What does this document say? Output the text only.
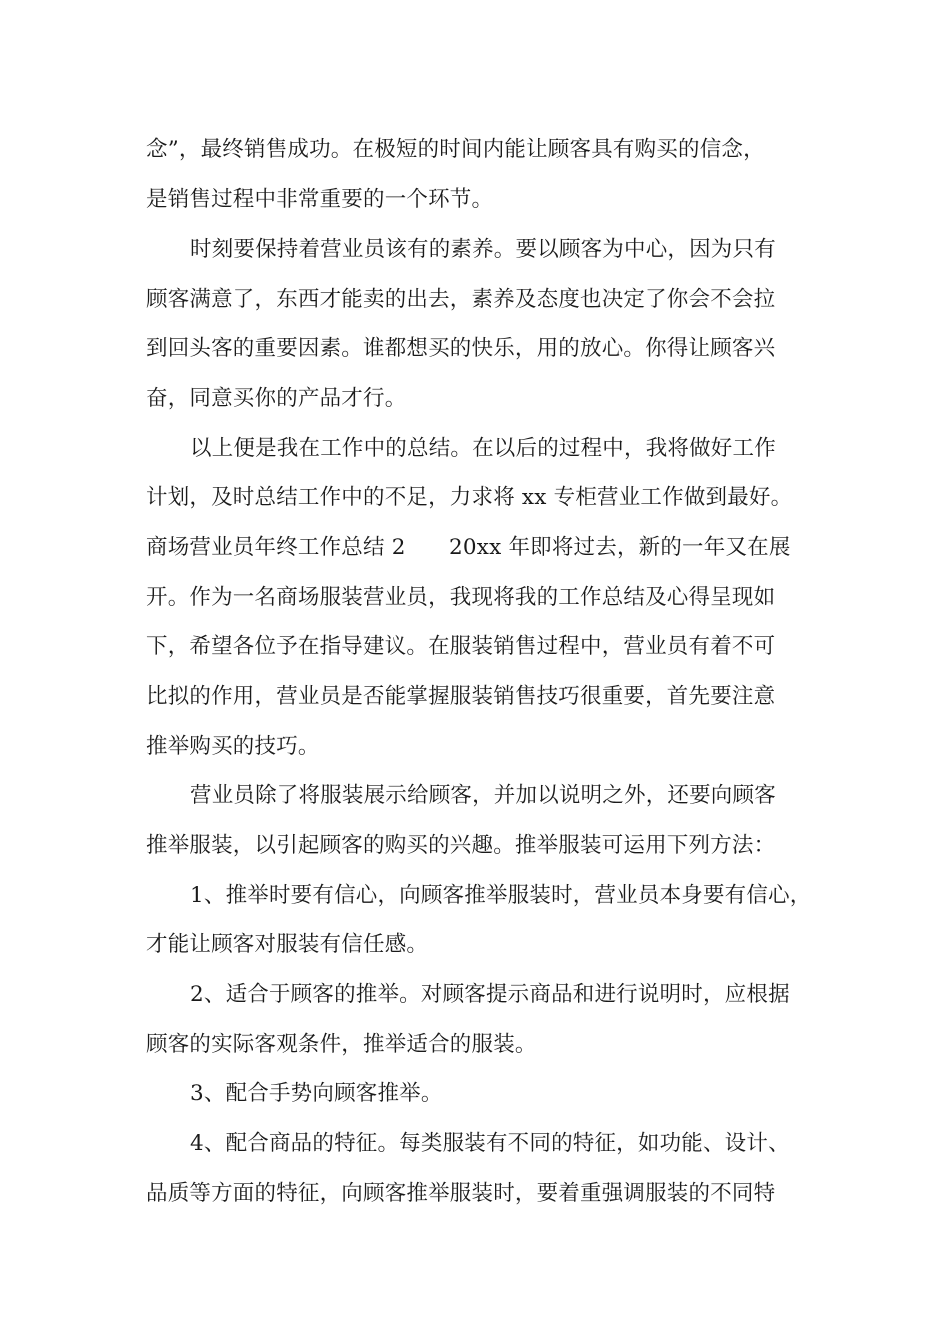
念”，最终销售成功。在极短的时间内能让顾客具有购买的信念，
是销售过程中非常重要的一个环节。
时刻要保持着营业员该有的素养。要以顾客为中心，因为只有
顾客满意了，东西才能卖的出去，素养及态度也决定了你会不会拉
到回头客的重要因素。谁都想买的快乐，用的放心。你得让顾客兴
奋，同意买你的产品才行。
以上便是我在工作中的总结。在以后的过程中，我将做好工作
计划，及时总结工作中的不足，力求将 xx 专柜营业工作做到最好。
商场营业员年终工作总结 2　　20xx 年即将过去，新的一年又在展
开。作为一名商场服装营业员，我现将我的工作总结及心得呈现如
下，希望各位予在指导建议。在服装销售过程中，营业员有着不可
比拟的作用，营业员是否能掌握服装销售技巧很重要，首先要注意
推举购买的技巧。
营业员除了将服装展示给顾客，并加以说明之外，还要向顾客
推举服装，以引起顾客的购买的兴趣。推举服装可运用下列方法：
1、推举时要有信心，向顾客推举服装时，营业员本身要有信心，
才能让顾客对服装有信任感。
2、适合于顾客的推举。对顾客提示商品和进行说明时，应根据
顾客的实际客观条件，推举适合的服装。
3、配合手势向顾客推举。
4、配合商品的特征。每类服装有不同的特征，如功能、设计、
品质等方面的特征，向顾客推举服装时，要着重强调服装的不同特
